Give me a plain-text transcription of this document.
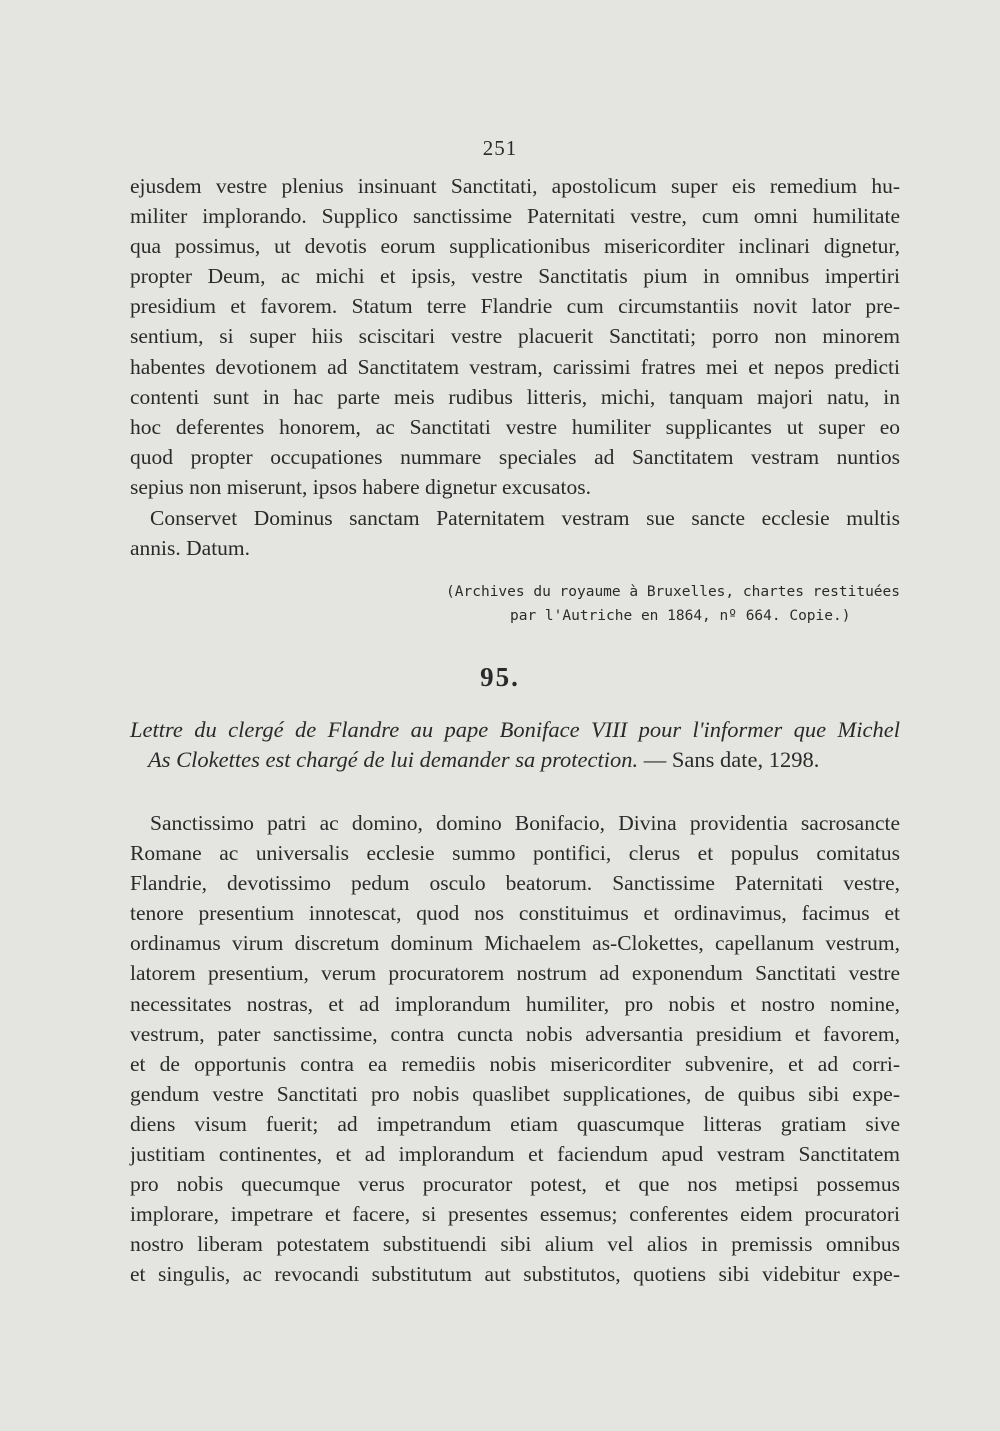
251
ejusdem vestre plenius insinuant Sanctitati, apostolicum super eis remedium hu-
militer implorando. Supplico sanctissime Paternitati vestre, cum omni humilitate
qua possimus, ut devotis eorum supplicationibus misericorditer inclinari dignetur,
propter Deum, ac michi et ipsis, vestre Sanctitatis pium in omnibus impertiri
presidium et favorem. Statum terre Flandrie cum circumstantiis novit lator pre-
sentium, si super hiis sciscitari vestre placuerit Sanctitati; porro non minorem
habentes devotionem ad Sanctitatem vestram, carissimi fratres mei et nepos predicti
contenti sunt in hac parte meis rudibus litteris, michi, tanquam majori natu, in
hoc deferentes honorem, ac Sanctitati vestre humiliter supplicantes ut super eo
quod propter occupationes nummare speciales ad Sanctitatem vestram nuntios
sepius non miserunt, ipsos habere dignetur excusatos.
Conservet Dominus sanctam Paternitatem vestram sue sancte ecclesie multis
annis. Datum.
(Archives du royaume à Bruxelles, chartes restituées
par l'Autriche en 1864, nº 664. Copie.)
95.
Lettre du clergé de Flandre au pape Boniface VIII pour l'informer que Michel
As Clokettes est chargé de lui demander sa protection. — Sans date, 1298.
Sanctissimo patri ac domino, domino Bonifacio, Divina providentia sacrosancte
Romane ac universalis ecclesie summo pontifici, clerus et populus comitatus
Flandrie, devotissimo pedum osculo beatorum. Sanctissime Paternitati vestre,
tenore presentium innotescat, quod nos constituimus et ordinavimus, facimus et
ordinamus virum discretum dominum Michaelem as-Clokettes, capellanum vestrum,
latorem presentium, verum procuratorem nostrum ad exponendum Sanctitati vestre
necessitates nostras, et ad implorandum humiliter, pro nobis et nostro nomine,
vestrum, pater sanctissime, contra cuncta nobis adversantia presidium et favorem,
et de opportunis contra ea remediis nobis misericorditer subvenire, et ad corri-
gendum vestre Sanctitati pro nobis quaslibet supplicationes, de quibus sibi expe-
diens visum fuerit; ad impetrandum etiam quascumque litteras gratiam sive
justitiam continentes, et ad implorandum et faciendum apud vestram Sanctitatem
pro nobis quecumque verus procurator potest, et que nos metipsi possemus
implorare, impetrare et facere, si presentes essemus; conferentes eidem procuratori
nostro liberam potestatem substituendi sibi alium vel alios in premissis omnibus
et singulis, ac revocandi substitutum aut substitutos, quotiens sibi videbitur expe-
